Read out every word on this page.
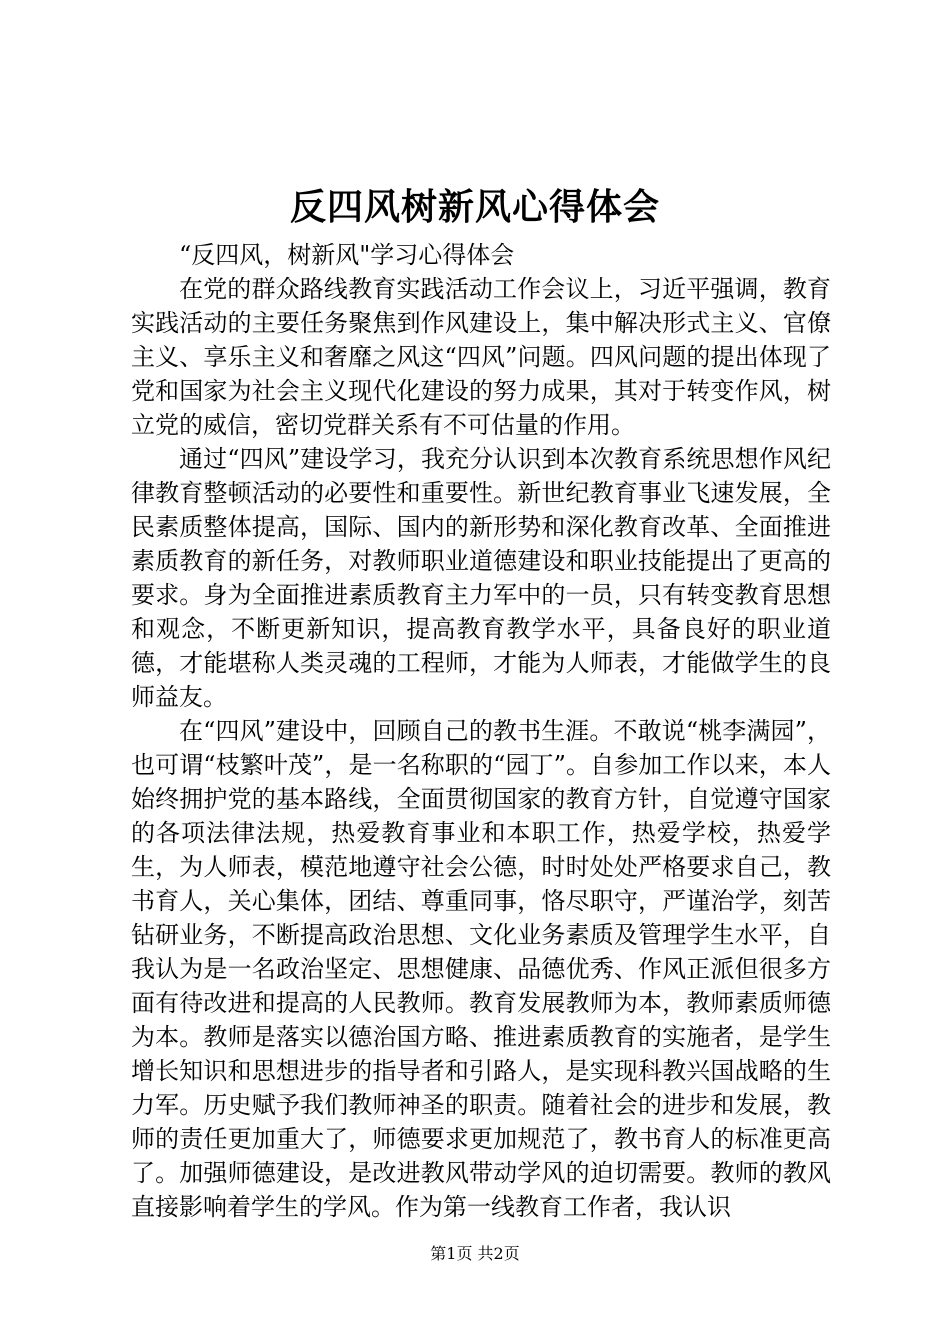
反四风树新风心得体会

“反四风，树新风"学习心得体会

在党的群众路线教育实践活动工作会议上，习近平强调，教育实践活动的主要任务聚焦到作风建设上，集中解决形式主义、官僚主义、享乐主义和奢靡之风这“四风”问题。四风问题的提出体现了党和国家为社会主义现代化建设的努力成果，其对于转变作风，树立党的威信，密切党群关系有不可估量的作用。

通过“四风”建设学习，我充分认识到本次教育系统思想作风纪律教育整顿活动的必要性和重要性。新世纪教育事业飞速发展，全民素质整体提高，国际、国内的新形势和深化教育改革、全面推进素质教育的新任务，对教师职业道德建设和职业技能提出了更高的要求。身为全面推进素质教育主力军中的一员，只有转变教育思想和观念，不断更新知识，提高教育教学水平，具备良好的职业道德，才能堪称人类灵魂的工程师，才能为人师表，才能做学生的良师益友。

在“四风”建设中，回顾自己的教书生涯。不敢说“桃李满园”，也可谓“枝繁叶茂”，是一名称职的“园丁”。自参加工作以来，本人始终拥护党的基本路线，全面贯彻国家的教育方针，自觉遵守国家的各项法律法规，热爱教育事业和本职工作，热爱学校，热爱学生，为人师表，模范地遵守社会公德，时时处处严格要求自己，教书育人，关心集体，团结、尊重同事，恪尽职守，严谨治学，刻苦钻研业务，不断提高政治思想、文化业务素质及管理学生水平，自我认为是一名政治坚定、思想健康、品德优秀、作风正派但很多方面有待改进和提高的人民教师。教育发展教师为本，教师素质师德为本。教师是落实以德治国方略、推进素质教育的实施者，是学生增长知识和思想进步的指导者和引路人，是实现科教兴国战略的生力军。历史赋予我们教师神圣的职责。随着社会的进步和发展，教师的责任更加重大了，师德要求更加规范了，教书育人的标准更高了。加强师德建设，是改进教风带动学风的迫切需要。教师的教风直接影响着学生的学风。作为第一线教育工作者，我认识

第1页 共2页
